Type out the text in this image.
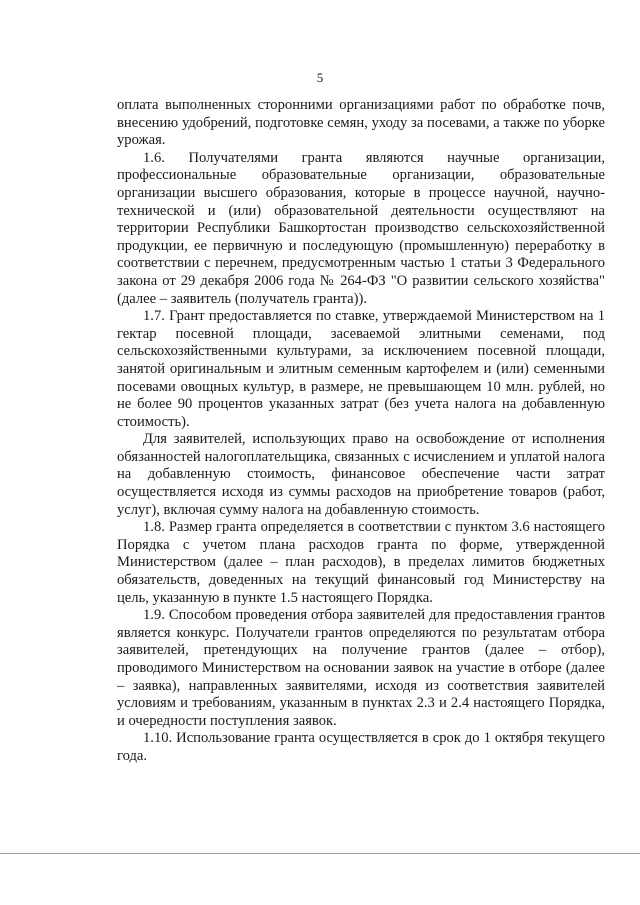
5

оплата выполненных сторонними организациями работ по обработке почв, внесению удобрений, подготовке семян, уходу за посевами, а также по уборке урожая.

1.6. Получателями гранта являются научные организации, профессиональные образовательные организации, образовательные организации высшего образования, которые в процессе научной, научно-технической и (или) образовательной деятельности осуществляют на территории Республики Башкортостан производство сельскохозяйственной продукции, ее первичную и последующую (промышленную) переработку в соответствии с перечнем, предусмотренным частью 1 статьи 3 Федерального закона от 29 декабря 2006 года № 264-ФЗ "О развитии сельского хозяйства" (далее – заявитель (получатель гранта)).

1.7. Грант предоставляется по ставке, утверждаемой Министерством на 1 гектар посевной площади, засеваемой элитными семенами, под сельскохозяйственными культурами, за исключением посевной площади, занятой оригинальным и элитным семенным картофелем и (или) семенными посевами овощных культур, в размере, не превышающем 10 млн. рублей, но не более 90 процентов указанных затрат (без учета налога на добавленную стоимость).

Для заявителей, использующих право на освобождение от исполнения обязанностей налогоплательщика, связанных с исчислением и уплатой налога на добавленную стоимость, финансовое обеспечение части затрат осуществляется исходя из суммы расходов на приобретение товаров (работ, услуг), включая сумму налога на добавленную стоимость.

1.8. Размер гранта определяется в соответствии с пунктом 3.6 настоящего Порядка с учетом плана расходов гранта по форме, утвержденной Министерством (далее – план расходов), в пределах лимитов бюджетных обязательств, доведенных на текущий финансовый год Министерству на цель, указанную в пункте 1.5 настоящего Порядка.

1.9. Способом проведения отбора заявителей для предоставления грантов является конкурс. Получатели грантов определяются по результатам отбора заявителей, претендующих на получение грантов (далее – отбор), проводимого Министерством на основании заявок на участие в отборе (далее – заявка), направленных заявителями, исходя из соответствия заявителей условиям и требованиям, указанным в пунктах 2.3 и 2.4 настоящего Порядка, и очередности поступления заявок.

1.10. Использование гранта осуществляется в срок до 1 октября текущего года.
